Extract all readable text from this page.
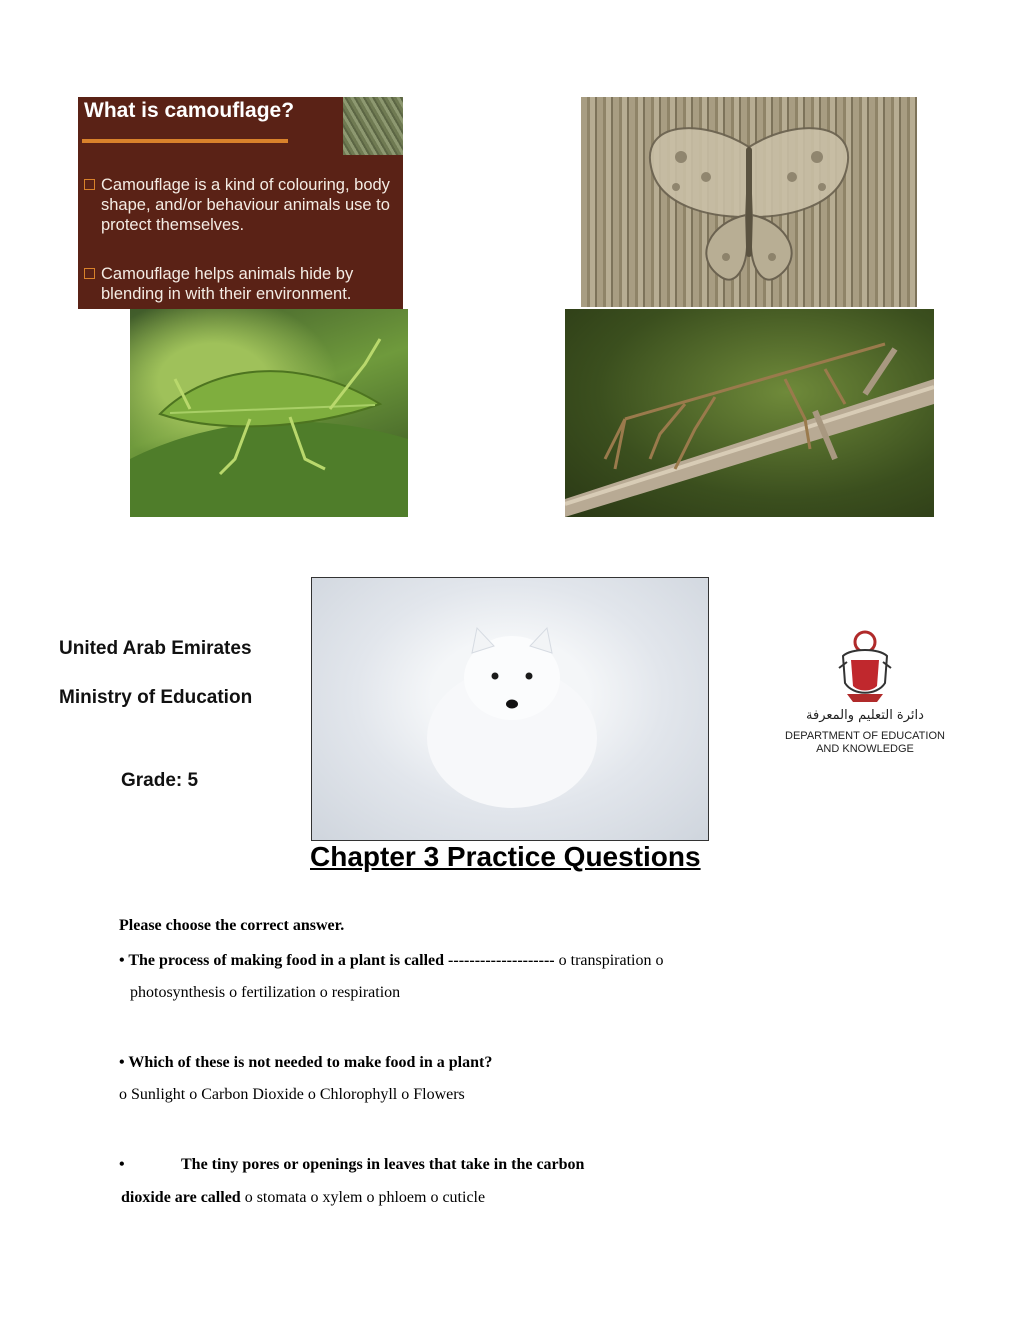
What is camouflage?
Camouflage is a kind of colouring, body shape, and/or behaviour animals use to protect themselves.
Camouflage helps animals hide by blending in with their environment.
United Arab Emirates
Ministry of Education
Grade: 5
دائرة التعليم والمعرفة
DEPARTMENT OF EDUCATION
AND KNOWLEDGE
Chapter 3 Practice Questions
Please choose the correct answer.
• The process of making food in a plant is called -------------------- o transpiration o
photosynthesis o fertilization o respiration
• Which of these is not needed to make food in a plant?
o Sunlight o Carbon Dioxide o Chlorophyll o Flowers
•	The tiny pores or openings in leaves that take in the carbon
dioxide are called o stomata o xylem o phloem o cuticle
